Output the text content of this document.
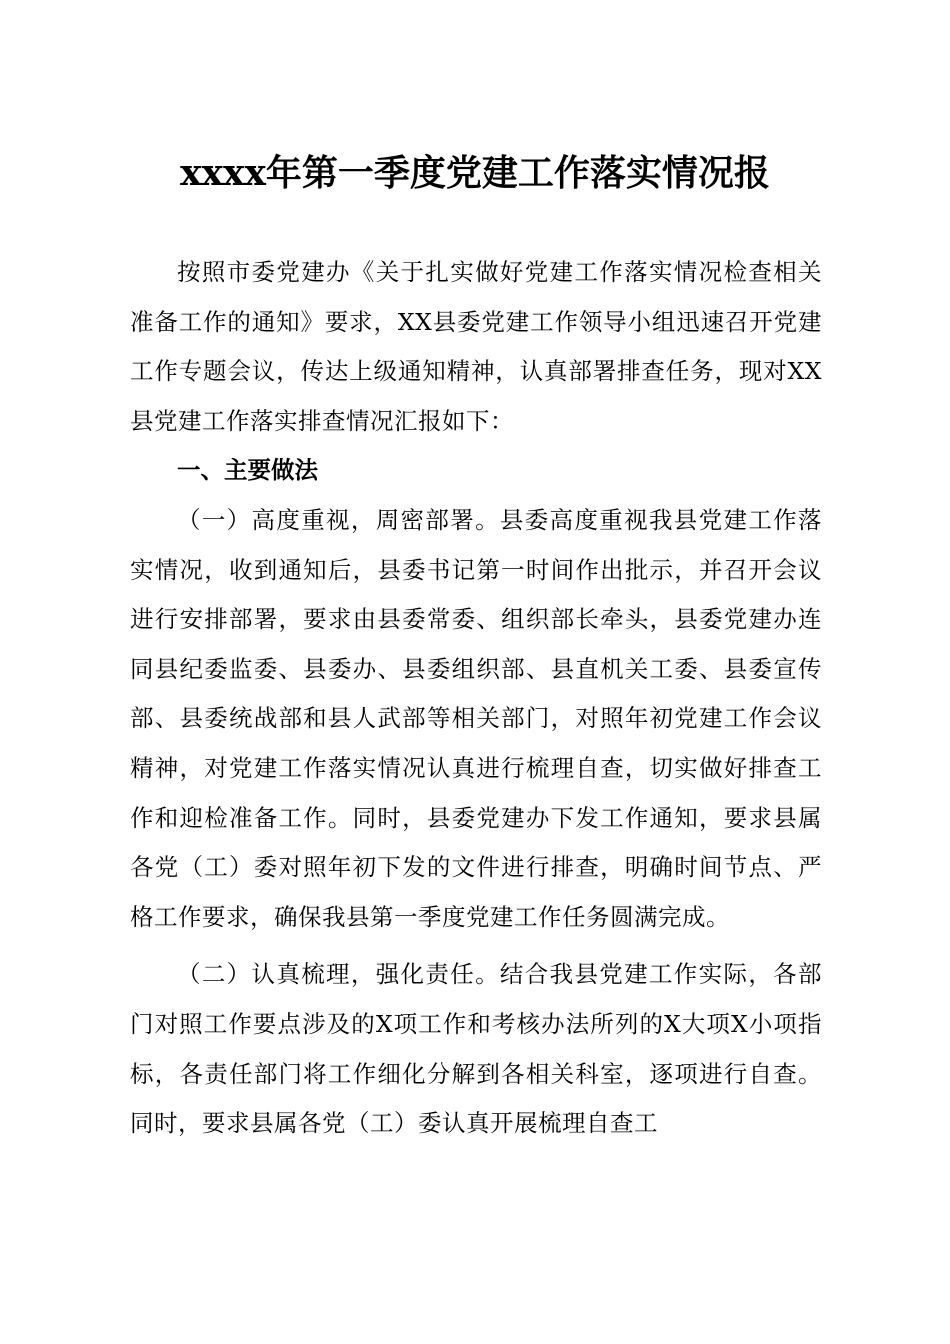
xxxx年第一季度党建工作落实情况报

按照市委党建办《关于扎实做好党建工作落实情况检查相关准备工作的通知》要求，XX县委党建工作领导小组迅速召开党建工作专题会议，传达上级通知精神，认真部署排查任务，现对XX县党建工作落实排查情况汇报如下：

一、主要做法

（一）高度重视，周密部署。县委高度重视我县党建工作落实情况，收到通知后，县委书记第一时间作出批示，并召开会议进行安排部署，要求由县委常委、组织部长牵头，县委党建办连同县纪委监委、县委办、县委组织部、县直机关工委、县委宣传部、县委统战部和县人武部等相关部门，对照年初党建工作会议精神，对党建工作落实情况认真进行梳理自查，切实做好排查工作和迎检准备工作。同时，县委党建办下发工作通知，要求县属各党（工）委对照年初下发的文件进行排查，明确时间节点、严格工作要求，确保我县第一季度党建工作任务圆满完成。

（二）认真梳理，强化责任。结合我县党建工作实际，各部门对照工作要点涉及的X项工作和考核办法所列的X大项X小项指标，各责任部门将工作细化分解到各相关科室，逐项进行自查。同时，要求县属各党（工）委认真开展梳理自查工
